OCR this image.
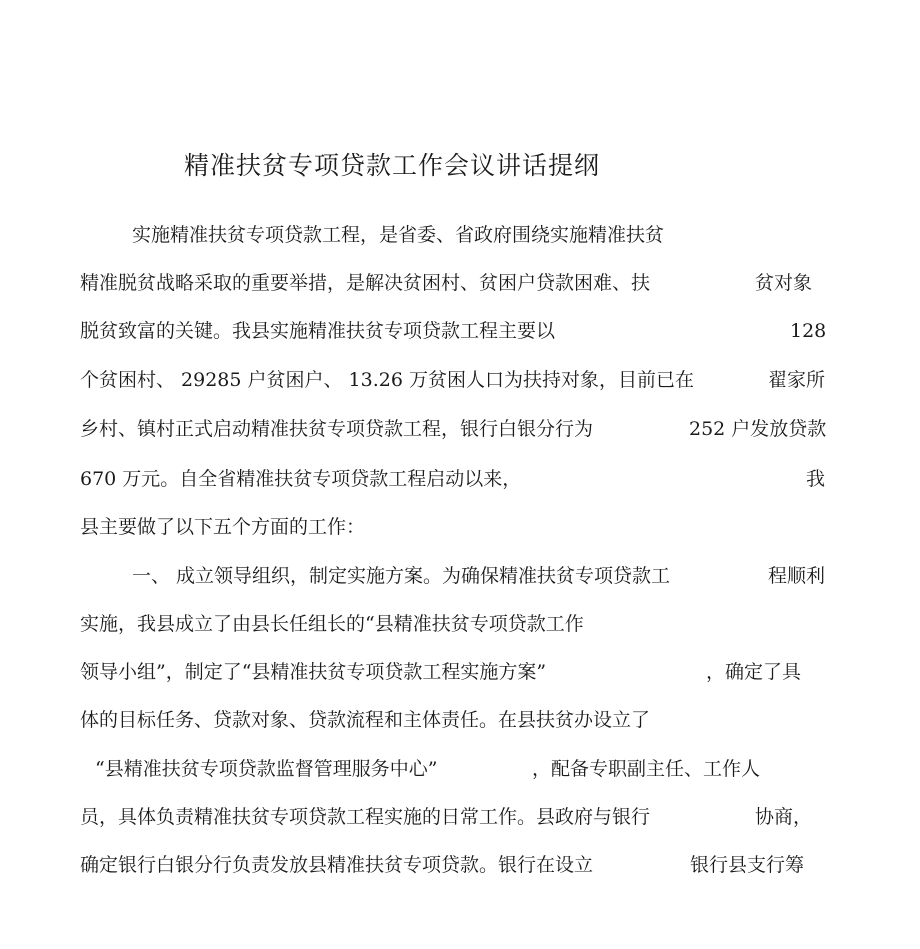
精准扶贫专项贷款工作会议讲话提纲
实施精准扶贫专项贷款工程，是省委、省政府围绕实施精准扶贫
精准脱贫战略采取的重要举措，是解决贫困村、贫困户贷款困难、扶	贫对象
脱贫致富的关键。我县实施精准扶贫专项贷款工程主要以	128
个贫困村、 29285 户贫困户、 13.26 万贫困人口为扶持对象，目前已在	翟家所
乡村、镇村正式启动精准扶贫专项贷款工程，银行白银分行为	252 户发放贷款
670 万元。自全省精准扶贫专项贷款工程启动以来，	我
县主要做了以下五个方面的工作：
一、 成立领导组织，制定实施方案。为确保精准扶贫专项贷款工	程顺利
实施，我县成立了由县长任组长的“县精准扶贫专项贷款工作
领导小组”，制定了“县精准扶贫专项贷款工程实施方案”	，确定了具
体的目标任务、贷款对象、贷款流程和主体责任。在县扶贫办设立了
“县精准扶贫专项贷款监督管理服务中心”	，配备专职副主任、工作人
员，具体负责精准扶贫专项贷款工程实施的日常工作。县政府与银行	协商，
确定银行白银分行负责发放县精准扶贫专项贷款。银行在设立	银行县支行筹
